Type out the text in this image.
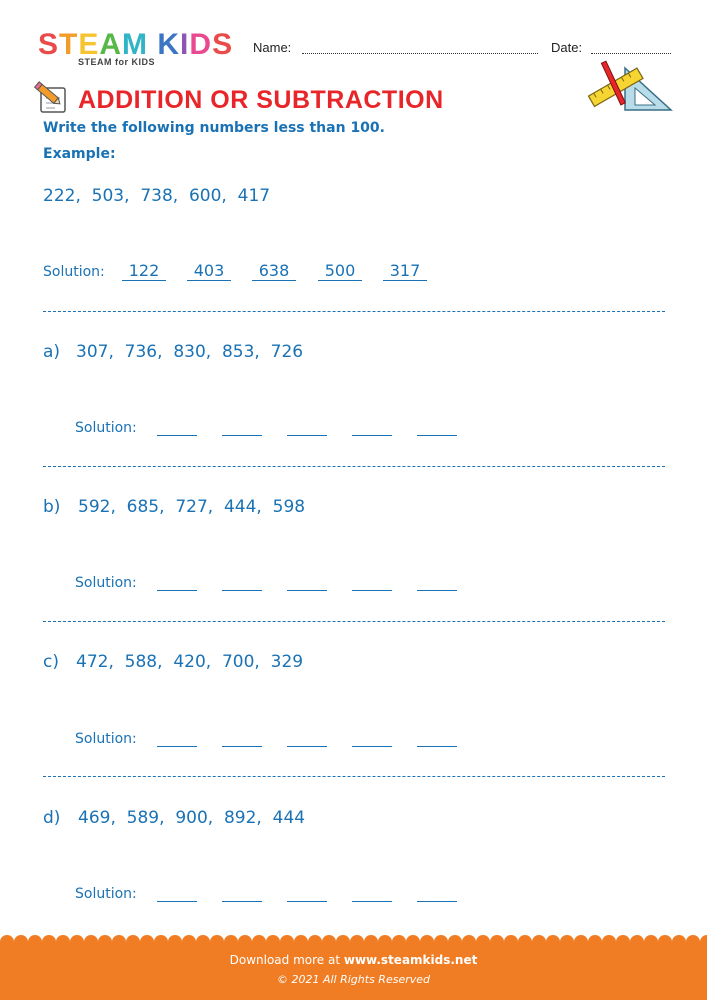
STEAM KIDS
STEAM for KIDS
Name:	Date:
ADDITION OR SUBTRACTION
Write the following numbers less than 100.
Example:
222,  503,  738,  600,  417
Solution:	122	403	638	500	317
a) 307,  736,  830,  853,  726
Solution:
b) 592,  685,  727,  444,  598
Solution:
c) 472,  588,  420,  700,  329
Solution:
d) 469,  589,  900,  892,  444
Solution:
Download more at www.steamkids.net
© 2021 All Rights Reserved
